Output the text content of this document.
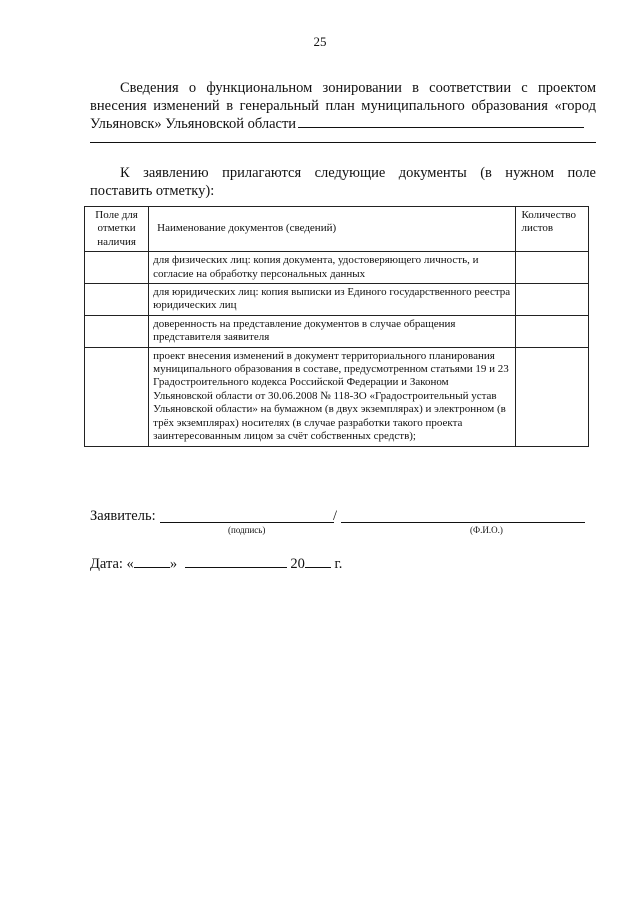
25
Сведения о функциональном зонировании в соответствии с проектом
внесения изменений в генеральный план муниципального образования «город
Ульяновск» Ульяновской области
К заявлению прилагаются следующие документы (в нужном поле
поставить отметку):
Поле для отметки наличия	Наименование документов (сведений)	Количество листов
	для физических лиц: копия документа, удостоверяющего личность, и согласие на обработку персональных данных	
	для юридических лиц: копия выписки из Единого государственного реестра юридических лиц	
	доверенность на представление документов в случае обращения представителя заявителя	
	проект внесения изменений в документ территориального планирования муниципального образования в составе, предусмотренном статьями 19 и 23 Градостроительного кодекса Российской Федерации и Законом Ульяновской области от 30.06.2008 № 118-ЗО «Градостроительный устав Ульяновской области» на бумажном (в двух экземплярах) и электронном (в трёх экземплярах) носителях (в случае разработки такого проекта заинтересованным лицом за счёт собственных средств);	
Заявитель:	/
(подпись)	(Ф.И.О.)
Дата: « »	20 г.
